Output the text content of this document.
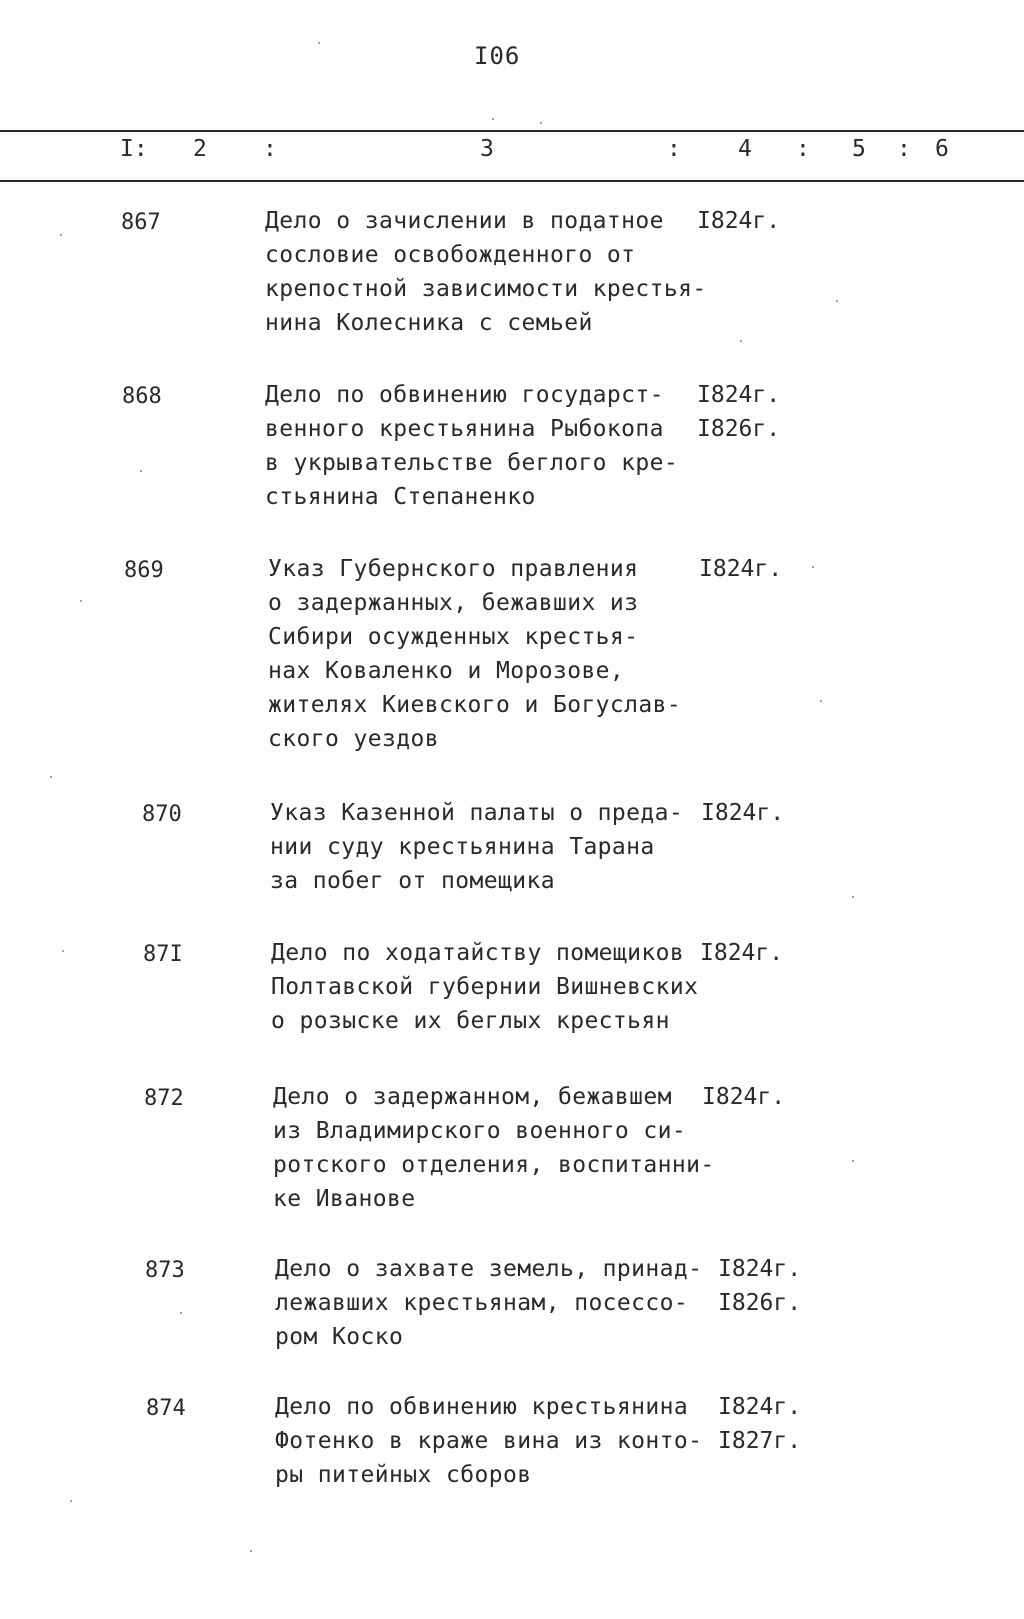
I06
I: 2 :	3	: 4 : 5 : 6
867	Дело о зачислении в податное
сословие освобожденного от
крепостной зависимости крестья-
нина Колесника с семьей
I824г.
868	Дело по обвинению государст-
венного крестьянина Рыбокопа
в укрывательстве беглого кре-
стьянина Степаненко
I824г.
I826г.
869	Указ Губернского правления
о задержанных, бежавших из
Сибири осужденных крестья-
нах Коваленко и Морозове,
жителях Киевского и Богуслав-
ского уездов
I824г.
870	Указ Казенной палаты о преда-
нии суду крестьянина Тарана
за побег от помещика
I824г.
87I	Дело по ходатайству помещиков
Полтавской губернии Вишневских
о розыске их беглых крестьян
I824г.
872	Дело о задержанном, бежавшем
из Владимирского военного си-
ротского отделения, воспитанни-
ке Иванове
I824г.
873	Дело о захвате земель, принад-
лежавших крестьянам, посессо-
ром Коско
I824г.
I826г.
874	Дело по обвинению крестьянина
Фотенко в краже вина из конто-
ры питейных сборов
I824г.
I827г.
